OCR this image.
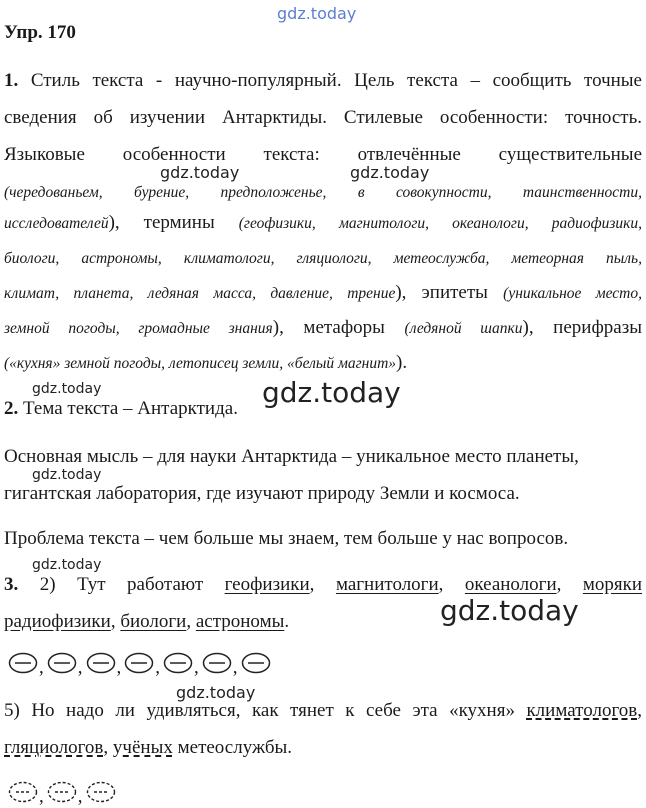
gdz.today
gdz.today	gdz.today
gdz.today	gdz.today
gdz.today
gdz.today
gdz.today
gdz.today

Упр. 170

1. Стиль текста - научно-популярный. Цель текста – сообщить точные

сведения об изучении Антарктиды. Стилевые особенности: точность.

Языковые особенности текста: отвлечённые существительные

(чередованьем, бурение, предположенье, в совокупности, таинственности,

исследователей), термины (геофизики, магнитологи, океанологи, радиофизики,

биологи, астрономы, климатологи, гляциологи, метеослужба, метеорная пыль,

климат, планета, ледяная масса, давление, трение), эпитеты (уникальное место,

земной погоды, громадные знания), метафоры (ледяной шапки), перифразы

(«кухня» земной погоды, летописец земли, «белый магнит»).

2. Тема текста – Антарктида.

Основная мысль – для науки Антарктида – уникальное место планеты,

гигантская лаборатория, где изучают природу Земли и космоса.

Проблема текста – чем больше мы знаем, тем больше у нас вопросов.

3. 2) Тут работают геофизики, магнитологи, океанологи, моряки

радиофизики, биологи, астрономы.

, , , , , ,

5) Но надо ли удивляться, как тянет к себе эта «кухня» климатологов,

гляциологов, учёных метеослужбы.

, ,
